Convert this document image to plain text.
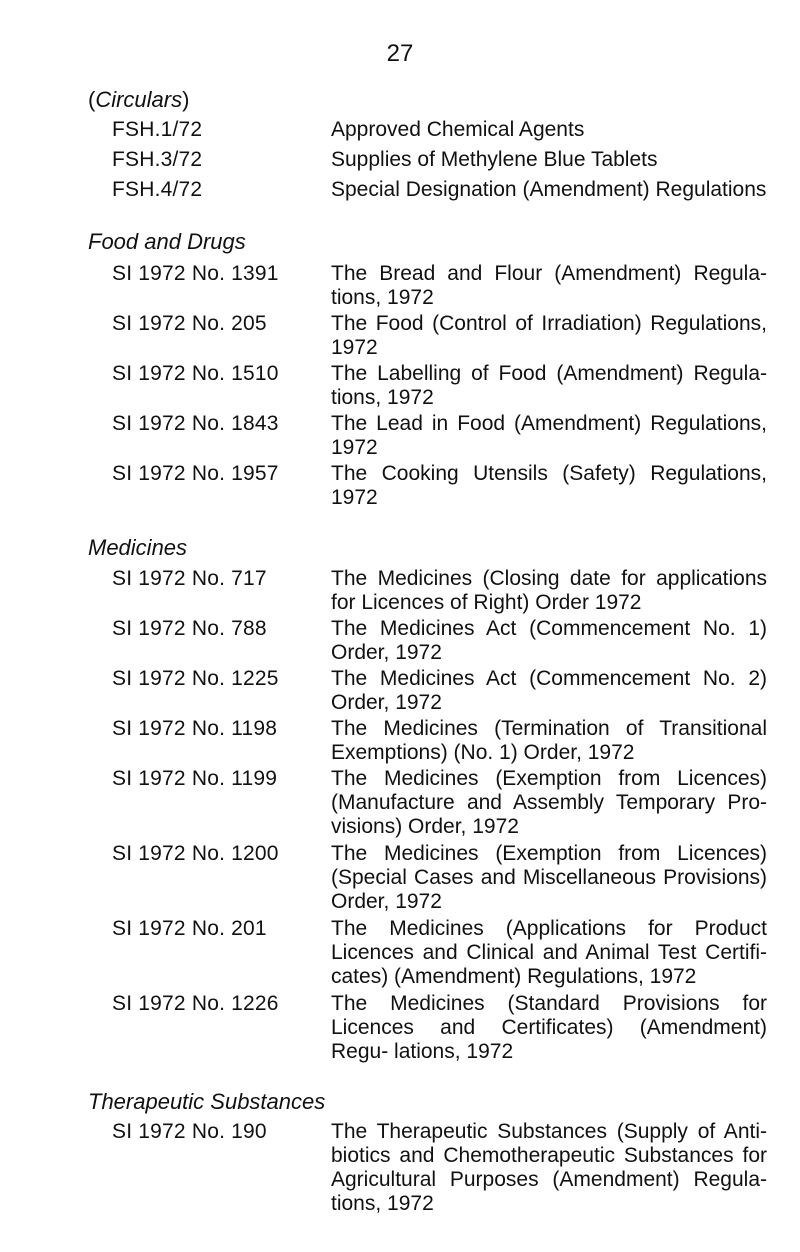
27
(Circulars)
FSH.1/72	Approved Chemical Agents
FSH.3/72	Supplies of Methylene Blue Tablets
FSH.4/72	Special Designation (Amendment) Regulations
Food and Drugs
SI 1972 No. 1391	The Bread and Flour (Amendment) Regula- tions, 1972
SI 1972 No. 205	The Food (Control of Irradiation) Regulations, 1972
SI 1972 No. 1510	The Labelling of Food (Amendment) Regula- tions, 1972
SI 1972 No. 1843	The Lead in Food (Amendment) Regulations, 1972
SI 1972 No. 1957	The Cooking Utensils (Safety) Regulations, 1972
Medicines
SI 1972 No. 717	The Medicines (Closing date for applications for Licences of Right) Order 1972
SI 1972 No. 788	The Medicines Act (Commencement No. 1) Order, 1972
SI 1972 No. 1225	The Medicines Act (Commencement No. 2) Order, 1972
SI 1972 No. 1198	The Medicines (Termination of Transitional Exemptions) (No. 1) Order, 1972
SI 1972 No. 1199	The Medicines (Exemption from Licences) (Manufacture and Assembly Temporary Pro- visions) Order, 1972
SI 1972 No. 1200	The Medicines (Exemption from Licences) (Special Cases and Miscellaneous Provisions) Order, 1972
SI 1972 No. 201	The Medicines (Applications for Product Licences and Clinical and Animal Test Certifi- cates) (Amendment) Regulations, 1972
SI 1972 No. 1226	The Medicines (Standard Provisions for Licences and Certificates) (Amendment) Regu- lations, 1972
Therapeutic Substances
SI 1972 No. 190	The Therapeutic Substances (Supply of Anti- biotics and Chemotherapeutic Substances for Agricultural Purposes (Amendment) Regula- tions, 1972
